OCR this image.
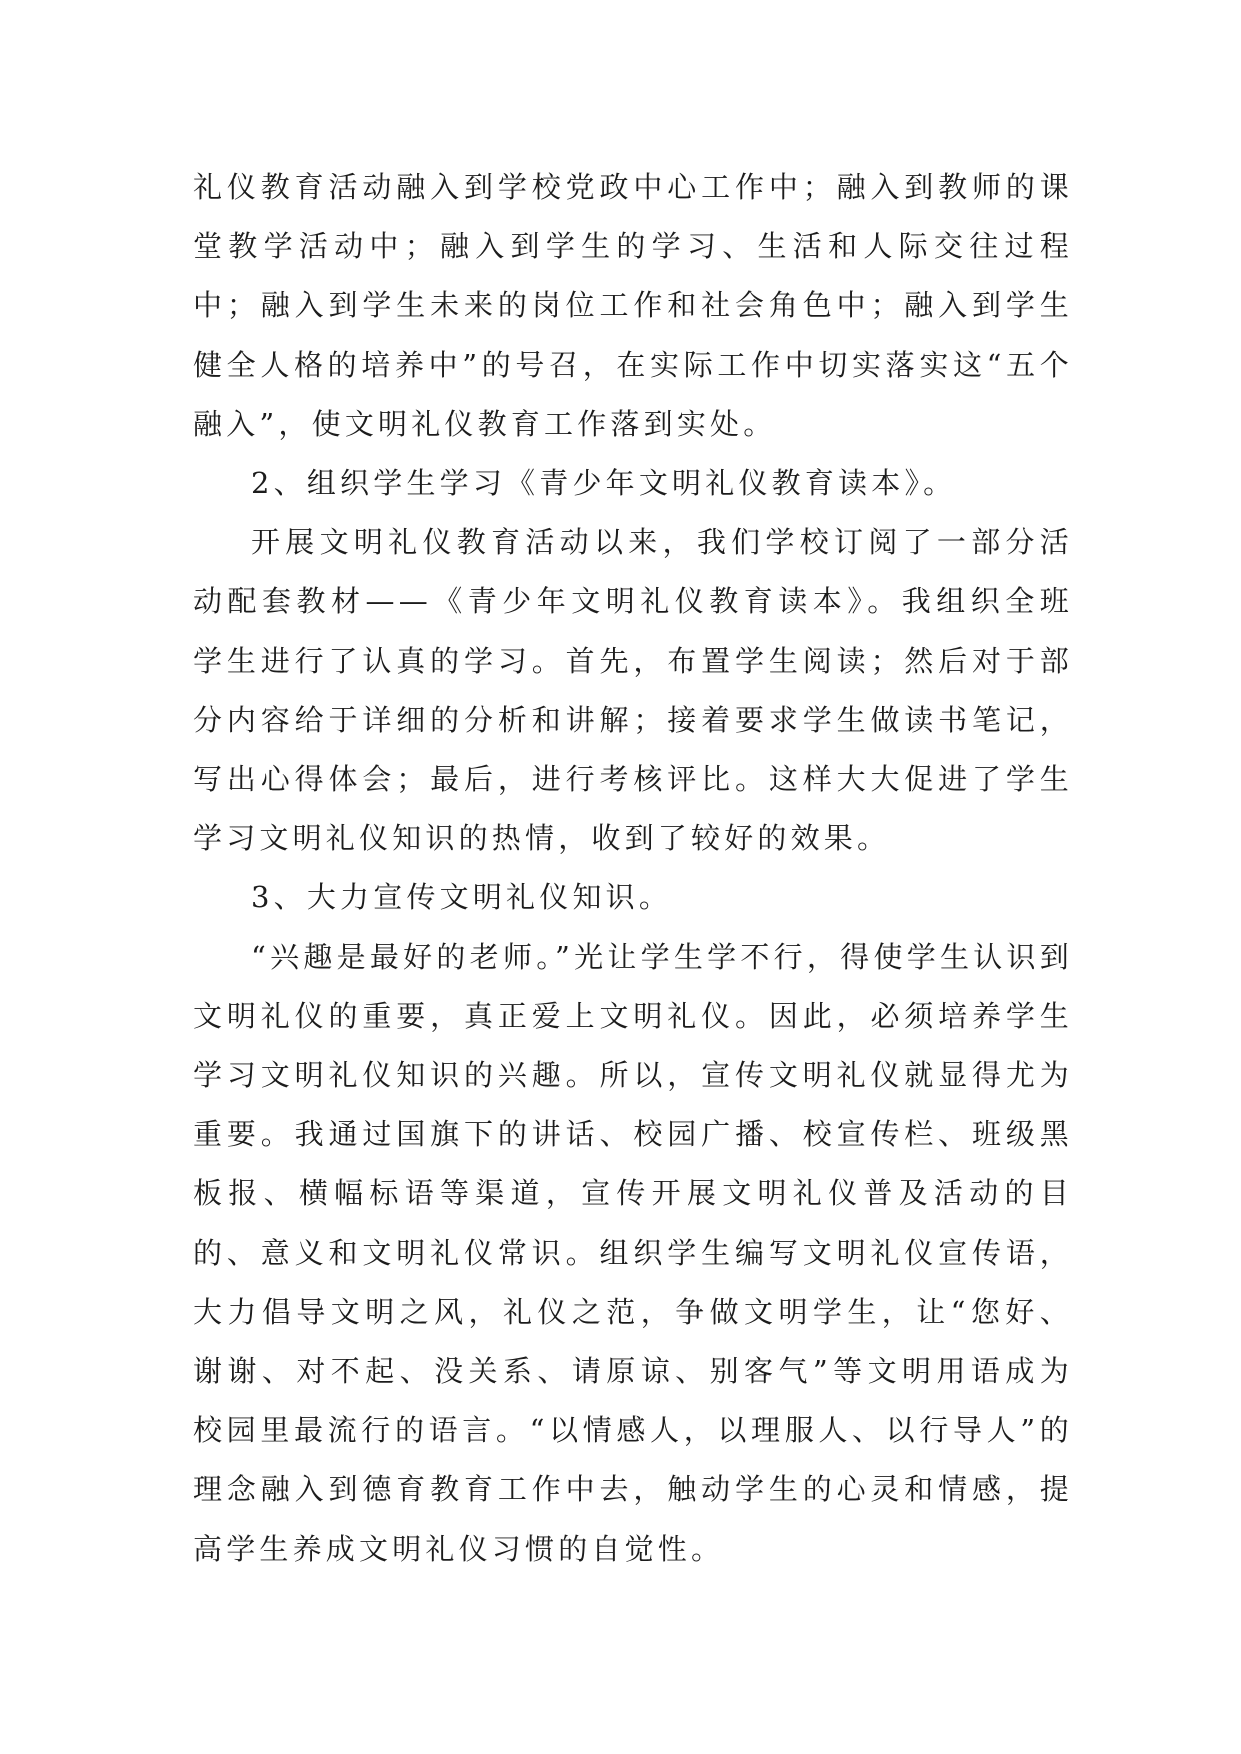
礼仪教育活动融入到学校党政中心工作中；融入到教师的课堂教学活动中；融入到学生的学习、生活和人际交往过程中；融入到学生未来的岗位工作和社会角色中；融入到学生健全人格的培养中”的号召，在实际工作中切实落实这“五个融入”，使文明礼仪教育工作落到实处。

2、组织学生学习《青少年文明礼仪教育读本》。

开展文明礼仪教育活动以来，我们学校订阅了一部分活动配套教材——《青少年文明礼仪教育读本》。我组织全班学生进行了认真的学习。首先，布置学生阅读；然后对于部分内容给于详细的分析和讲解；接着要求学生做读书笔记，写出心得体会；最后，进行考核评比。这样大大促进了学生学习文明礼仪知识的热情，收到了较好的效果。

3、大力宣传文明礼仪知识。

“兴趣是最好的老师。”光让学生学不行，得使学生认识到文明礼仪的重要，真正爱上文明礼仪。因此，必须培养学生学习文明礼仪知识的兴趣。所以，宣传文明礼仪就显得尤为重要。我通过国旗下的讲话、校园广播、校宣传栏、班级黑板报、横幅标语等渠道，宣传开展文明礼仪普及活动的目的、意义和文明礼仪常识。组织学生编写文明礼仪宣传语，大力倡导文明之风，礼仪之范，争做文明学生，让“您好、谢谢、对不起、没关系、请原谅、别客气”等文明用语成为校园里最流行的语言。“以情感人，以理服人、以行导人”的理念融入到德育教育工作中去，触动学生的心灵和情感，提高学生养成文明礼仪习惯的自觉性。
